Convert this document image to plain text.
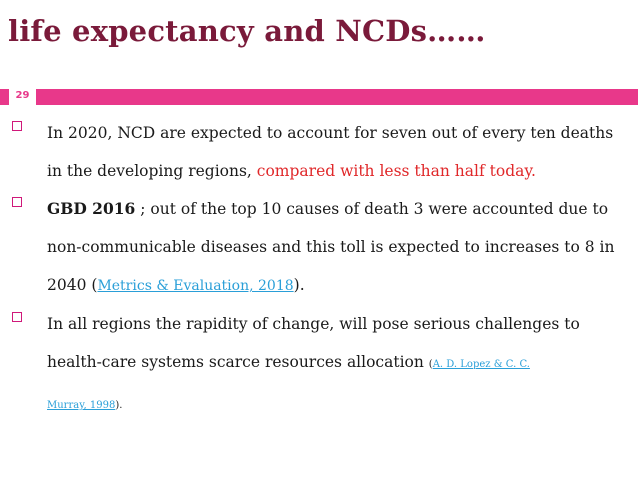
life expectancy and NCDs……
29
In 2020, NCD are expected to account for seven out of every ten deaths in the developing regions, compared with less than half today.
GBD 2016 ; out of the top 10 causes of death 3 were accounted due to non-communicable diseases and this toll is expected to increases to 8 in 2040 (Metrics & Evaluation, 2018).
In all regions the rapidity of change, will pose serious challenges to health-care systems scarce resources allocation (A. D. Lopez & C. C.
Murray, 1998).
